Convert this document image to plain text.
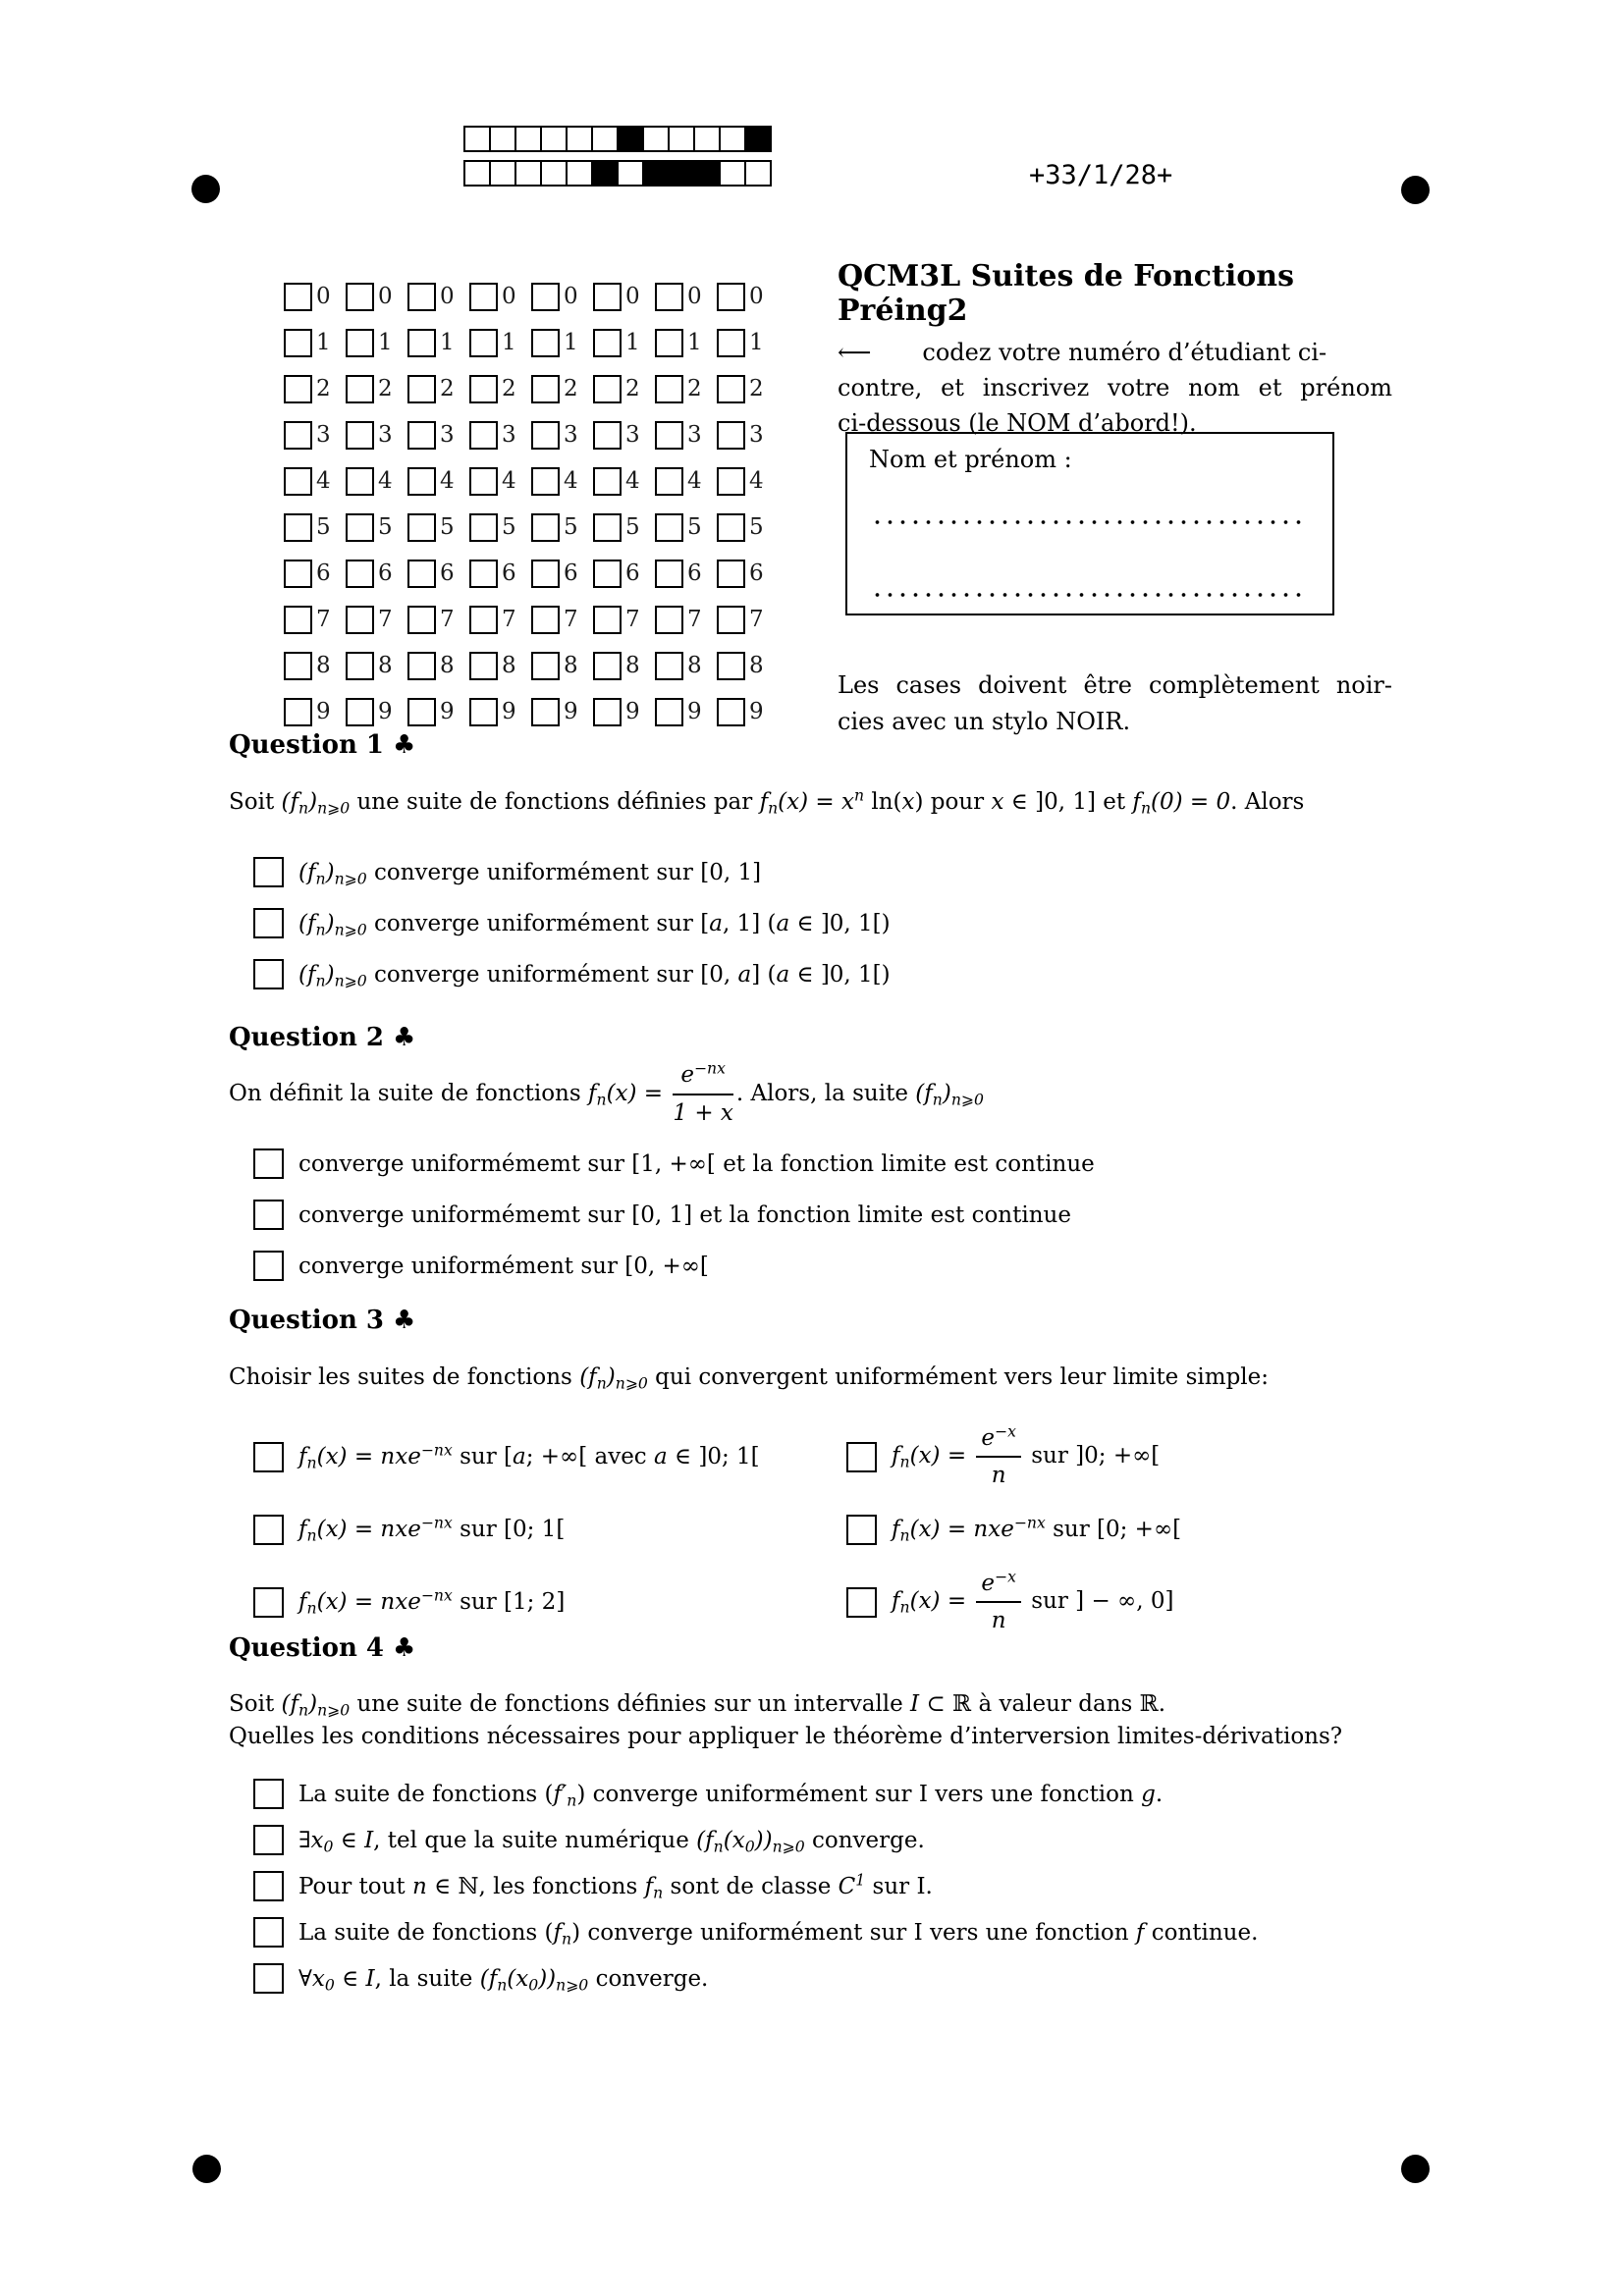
+33/1/28+
0 0 0 0 0 0 0 0
1 1 1 1 1 1 1 1
2 2 2 2 2 2 2 2
3 3 3 3 3 3 3 3
4 4 4 4 4 4 4 4
5 5 5 5 5 5 5 5
6 6 6 6 6 6 6 6
7 7 7 7 7 7 7 7
8 8 8 8 8 8 8 8
9 9 9 9 9 9 9 9
QCM3L Suites de Fonctions Préing2
⟵ codez votre numéro d’étudiant ci-
contre, et inscrivez votre nom et prénom
ci-dessous (le NOM d’abord!).
Nom et prénom :
Les cases doivent être complètement noir-
cies avec un stylo NOIR.
Question 1 ♣
Soit $(f_n)_{n⩾0}$ une suite de fonctions définies par $f_n(x) = x^n$ ln(x) pour x ∈ ]0, 1] et $f_n(0) = 0$. Alors
$(f_n)_{n⩾0}$ converge uniformément sur [0, 1]
$(f_n)_{n⩾0}$ converge uniformément sur [a, 1] (a ∈ ]0, 1[)
$(f_n)_{n⩾0}$ converge uniformément sur [0, a] (a ∈ ]0, 1[)
Question 2 ♣
On définit la suite de fonctions $f_n(x) = \frac{e^{-nx}}{1 + x}$ . Alors, la suite $(f_n)_{n⩾0}$
converge uniformémemt sur [1, +∞[ et la fonction limite est continue
converge uniformémemt sur [0, 1] et la fonction limite est continue
converge uniformément sur [0, +∞[
Question 3 ♣
Choisir les suites de fonctions $(f_n)_{n⩾0}$ qui convergent uniformément vers leur limite simple:
$f_n(x) = nxe^{-nx}$ sur [a; +∞[ avec a ∈ ]0; 1[
$f_n(x) = nxe^{-nx}$ sur [0; 1[
$f_n(x) = nxe^{-nx}$ sur [1; 2]
$f_n(x) = \frac{e^{-x}}{n}$ sur ]0; +∞[
$f_n(x) = nxe^{-nx}$ sur [0; +∞[
$f_n(x) = \frac{e^{-x}}{n}$ sur ] − ∞, 0]
Question 4 ♣
Soit $(f_n)_{n⩾0}$ une suite de fonctions définies sur un intervalle I ⊂ ℝ à valeur dans ℝ.
Quelles les conditions nécessaires pour appliquer le théorème d’interversion limites-dérivations?
La suite de fonctions $(f'_n)$ converge uniformément sur I vers une fonction g.
$\exists x_0$ ∈ I, tel que la suite numérique $(f_n(x_0))_{n⩾0}$ converge.
Pour tout n ∈ ℕ, les fonctions $f_n$ sont de classe $C^1$ sur I.
La suite de fonctions $(f_n)$ converge uniformément sur I vers une fonction f continue.
$\forall x_0$ ∈ I, la suite $(f_n(x_0))_{n⩾0}$ converge.
